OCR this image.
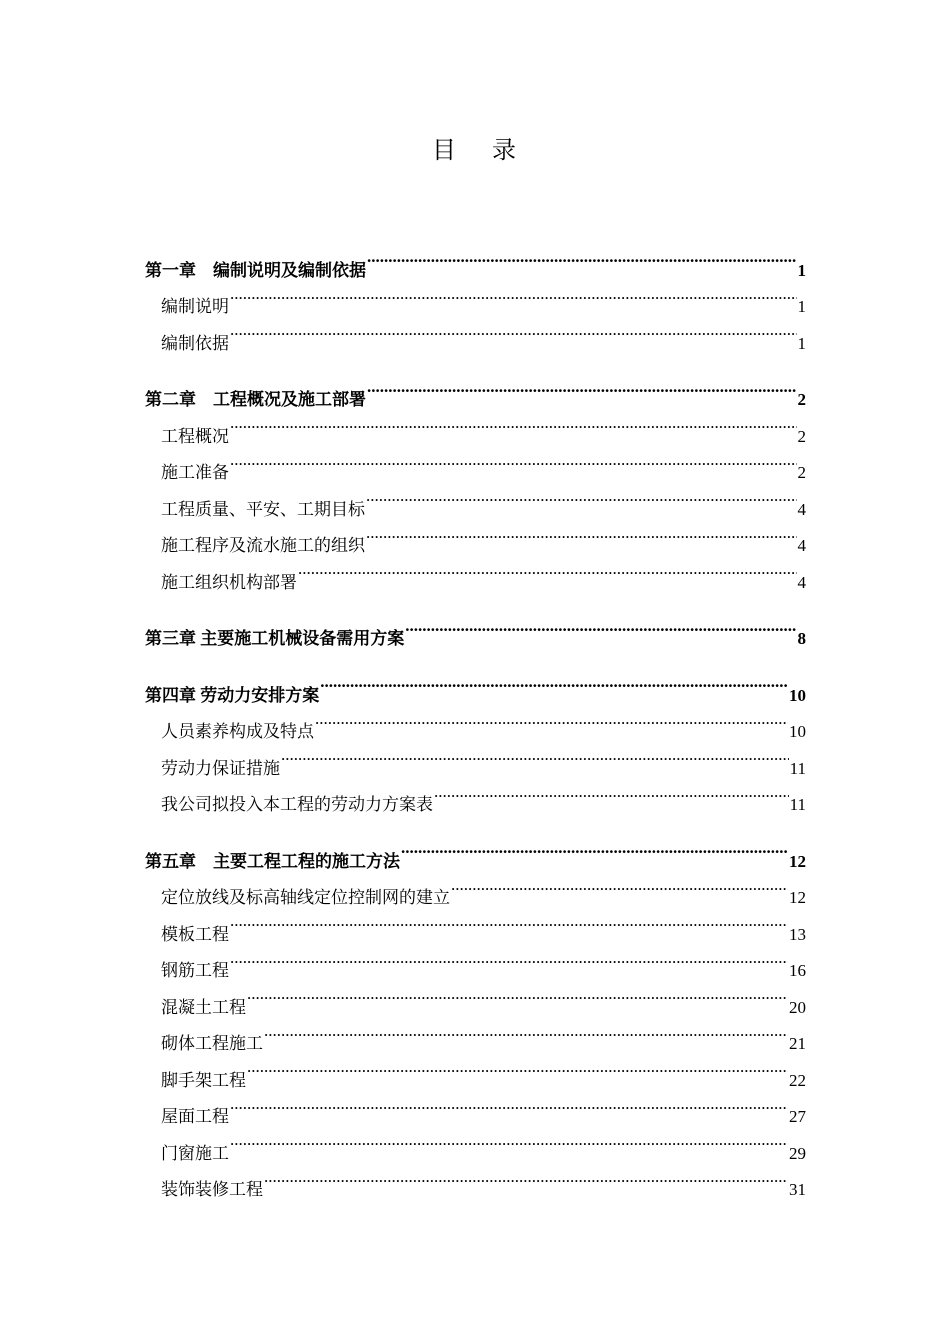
目 录
第一章　编制说明及编制依据 .....	1
编制说明 .....	1
编制依据 .....	1
第二章　工程概况及施工部署 .....	2
工程概况 .....	2
施工准备 .....	2
工程质量、平安、工期目标 .....	4
施工程序及流水施工的组织 .....	4
施工组织机构部署 .....	4
第三章 主要施工机械设备需用方案 .....	8
第四章 劳动力安排方案 .....	10
人员素养构成及特点 .....	10
劳动力保证措施 .....	11
我公司拟投入本工程的劳动力方案表 .....	11
第五章　主要工程工程的施工方法 .....	12
定位放线及标高轴线定位控制网的建立 .....	12
模板工程 .....	13
钢筋工程 .....	16
混凝土工程 .....	20
砌体工程施工 .....	21
脚手架工程 .....	22
屋面工程 .....	27
门窗施工 .....	29
装饰装修工程 .....	31
